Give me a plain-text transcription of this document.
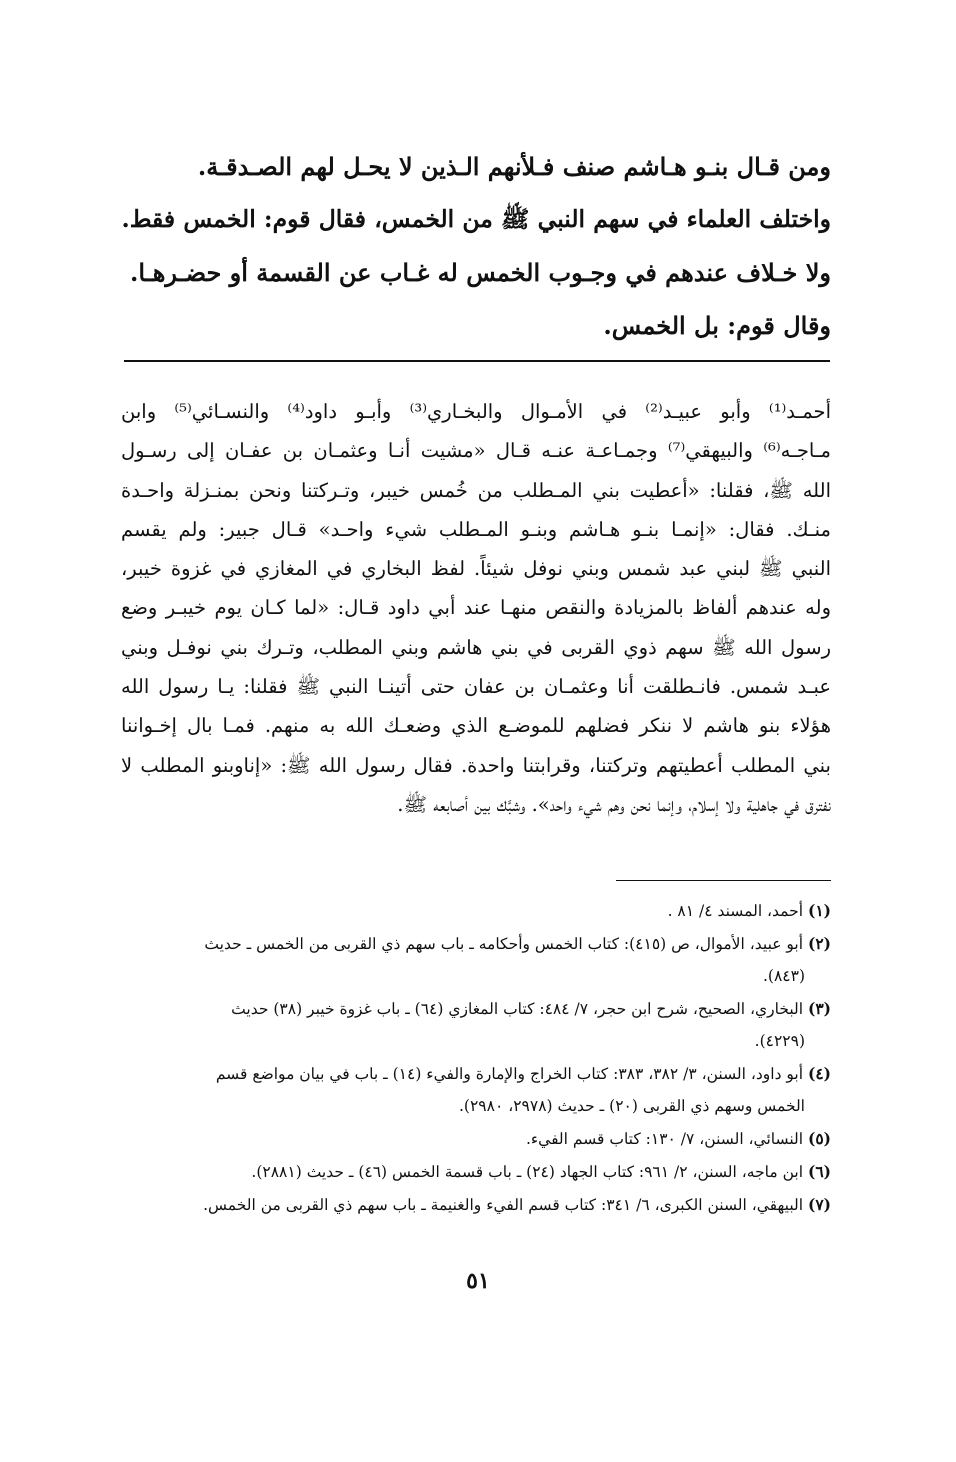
ومن قـال بنـو هـاشم صنف فـلأنهم الـذين لا يحـل لهم الصـدقـة.
واختلف العلماء في سهم النبي ﷺ من الخمس، فقال قوم: الخمس فقط.
ولا خـلاف عندهم في وجـوب الخمس له غـاب عن القسمة أو حضـرهـا.
وقال قوم: بل الخمس.
أحمـد⁽¹⁾ وأبو عبيـد⁽²⁾ في الأمـوال والبخـاري⁽³⁾ وأبـو داود⁽⁴⁾ والنسـائي⁽⁵⁾ وابن
مـاجـه⁽⁶⁾ والبيهقي⁽⁷⁾ وجمـاعـة عنـه قـال «مشيت أنـا وعثمـان بن عفـان إلى رسـول
الله ﷺ، فقلنا: «أعطيت بني المـطلب من خُمس خيبر، وتـركتنا ونحن بمنـزلة واحـدة
منـك. فقال: «إنمـا بنـو هـاشم وبنـو المـطلب شيء واحـد» قـال جبير: ولم يقسم
النبي ﷺ لبني عبد شمس وبني نوفل شيئاً. لفظ البخاري في المغازي في غزوة خيبر،
وله عندهم ألفاظ بالمزيادة والنقص منهـا عند أبي داود قـال: «لما كـان يوم خيبـر وضع
رسول الله ﷺ سهم ذوي القربى في بني هاشم وبني المطلب، وتـرك بني نوفـل وبني
عبـد شمس. فانـطلقت أنا وعثمـان بن عفان حتى أتينـا النبي ﷺ فقلنا: يـا رسول الله
هؤلاء بنو هاشم لا ننكر فضلهم للموضـع الذي وضعـك الله به منهم. فمـا بال إخـواننا
بني المطلب أعطيتهم وتركتنا، وقرابتنا واحدة. فقال رسول الله ﷺ: «إناوبنو المطلب لا
نفترق في جاهلية ولا إسلام، وإنما نحن وهم شيء واحد». وشبَّك بين أصابعه ﷺ.
(١) أحمد، المسند ٤/ ٨١ .
(٢) أبو عبيد، الأموال، ص (٤١٥): كتاب الخمس وأحكامه ـ باب سهم ذي القربى من الخمس ـ حديث
(٨٤٣).
(٣) البخاري، الصحيح، شرح ابن حجر، ٧/ ٤٨٤: كتاب المغازي (٦٤) ـ باب غزوة خيبر (٣٨) حديث
(٤٢٢٩).
(٤) أبو داود، السنن، ٣/ ٣٨٢، ٣٨٣: كتاب الخراج والإمارة والفيء (١٤) ـ باب في بيان مواضع قسم
الخمس وسهم ذي القربى (٢٠) ـ حديث (٢٩٧٨، ٢٩٨٠).
(٥) النسائي، السنن، ٧/ ١٣٠: كتاب قسم الفيء.
(٦) ابن ماجه، السنن، ٢/ ٩٦١: كتاب الجهاد (٢٤) ـ باب قسمة الخمس (٤٦) ـ حديث (٢٨٨١).
(٧) البيهقي، السنن الكبرى، ٦/ ٣٤١: كتاب قسم الفيء والغنيمة ـ باب سهم ذي القربى من الخمس.
٥١
